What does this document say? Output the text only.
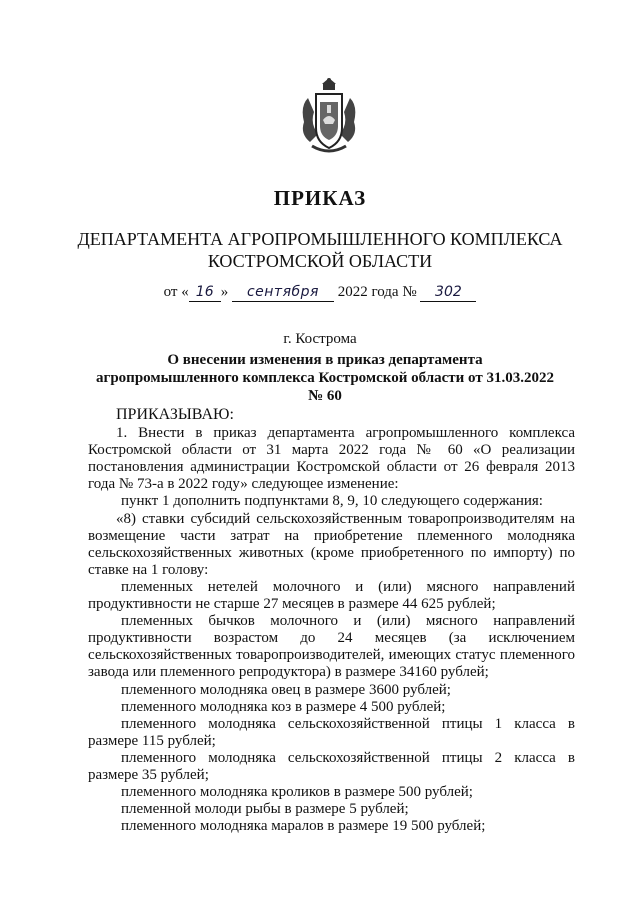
ПРИКАЗ
ДЕПАРТАМЕНТА АГРОПРОМЫШЛЕННОГО КОМПЛЕКСА
КОСТРОМСКОЙ ОБЛАСТИ
от « 16 » сентября 2022 года № 302
г. Кострома
О внесении изменения в приказ департамента агропромышленного комплекса Костромской области от 31.03.2022 № 60

ПРИКАЗЫВАЮ:

1. Внести в приказ департамента агропромышленного комплекса Костромской области от 31 марта 2022 года № 60 «О реализации постановления администрации Костромской области от 26 февраля 2013 года № 73-а в 2022 году» следующее изменение:

пункт 1 дополнить подпунктами 8, 9, 10 следующего содержания:

«8) ставки субсидий сельскохозяйственным товаропроизводителям на возмещение части затрат на приобретение племенного молодняка сельскохозяйственных животных (кроме приобретенного по импорту) по ставке на 1 голову:

племенных нетелей молочного и (или) мясного направлений продуктивности не старше 27 месяцев в размере 44 625 рублей;

племенных бычков молочного и (или) мясного направлений продуктивности возрастом до 24 месяцев (за исключением сельскохозяйственных товаропроизводителей, имеющих статус племенного завода или племенного репродуктора) в размере 34160 рублей;

племенного молодняка овец в размере 3600 рублей;

племенного молодняка коз в размере 4 500 рублей;

племенного молодняка сельскохозяйственной птицы 1 класса в размере 115 рублей;

племенного молодняка сельскохозяйственной птицы 2 класса в размере 35 рублей;

племенного молодняка кроликов в размере 500 рублей;

племенной молоди рыбы в размере 5 рублей;

племенного молодняка маралов в размере 19 500 рублей;
